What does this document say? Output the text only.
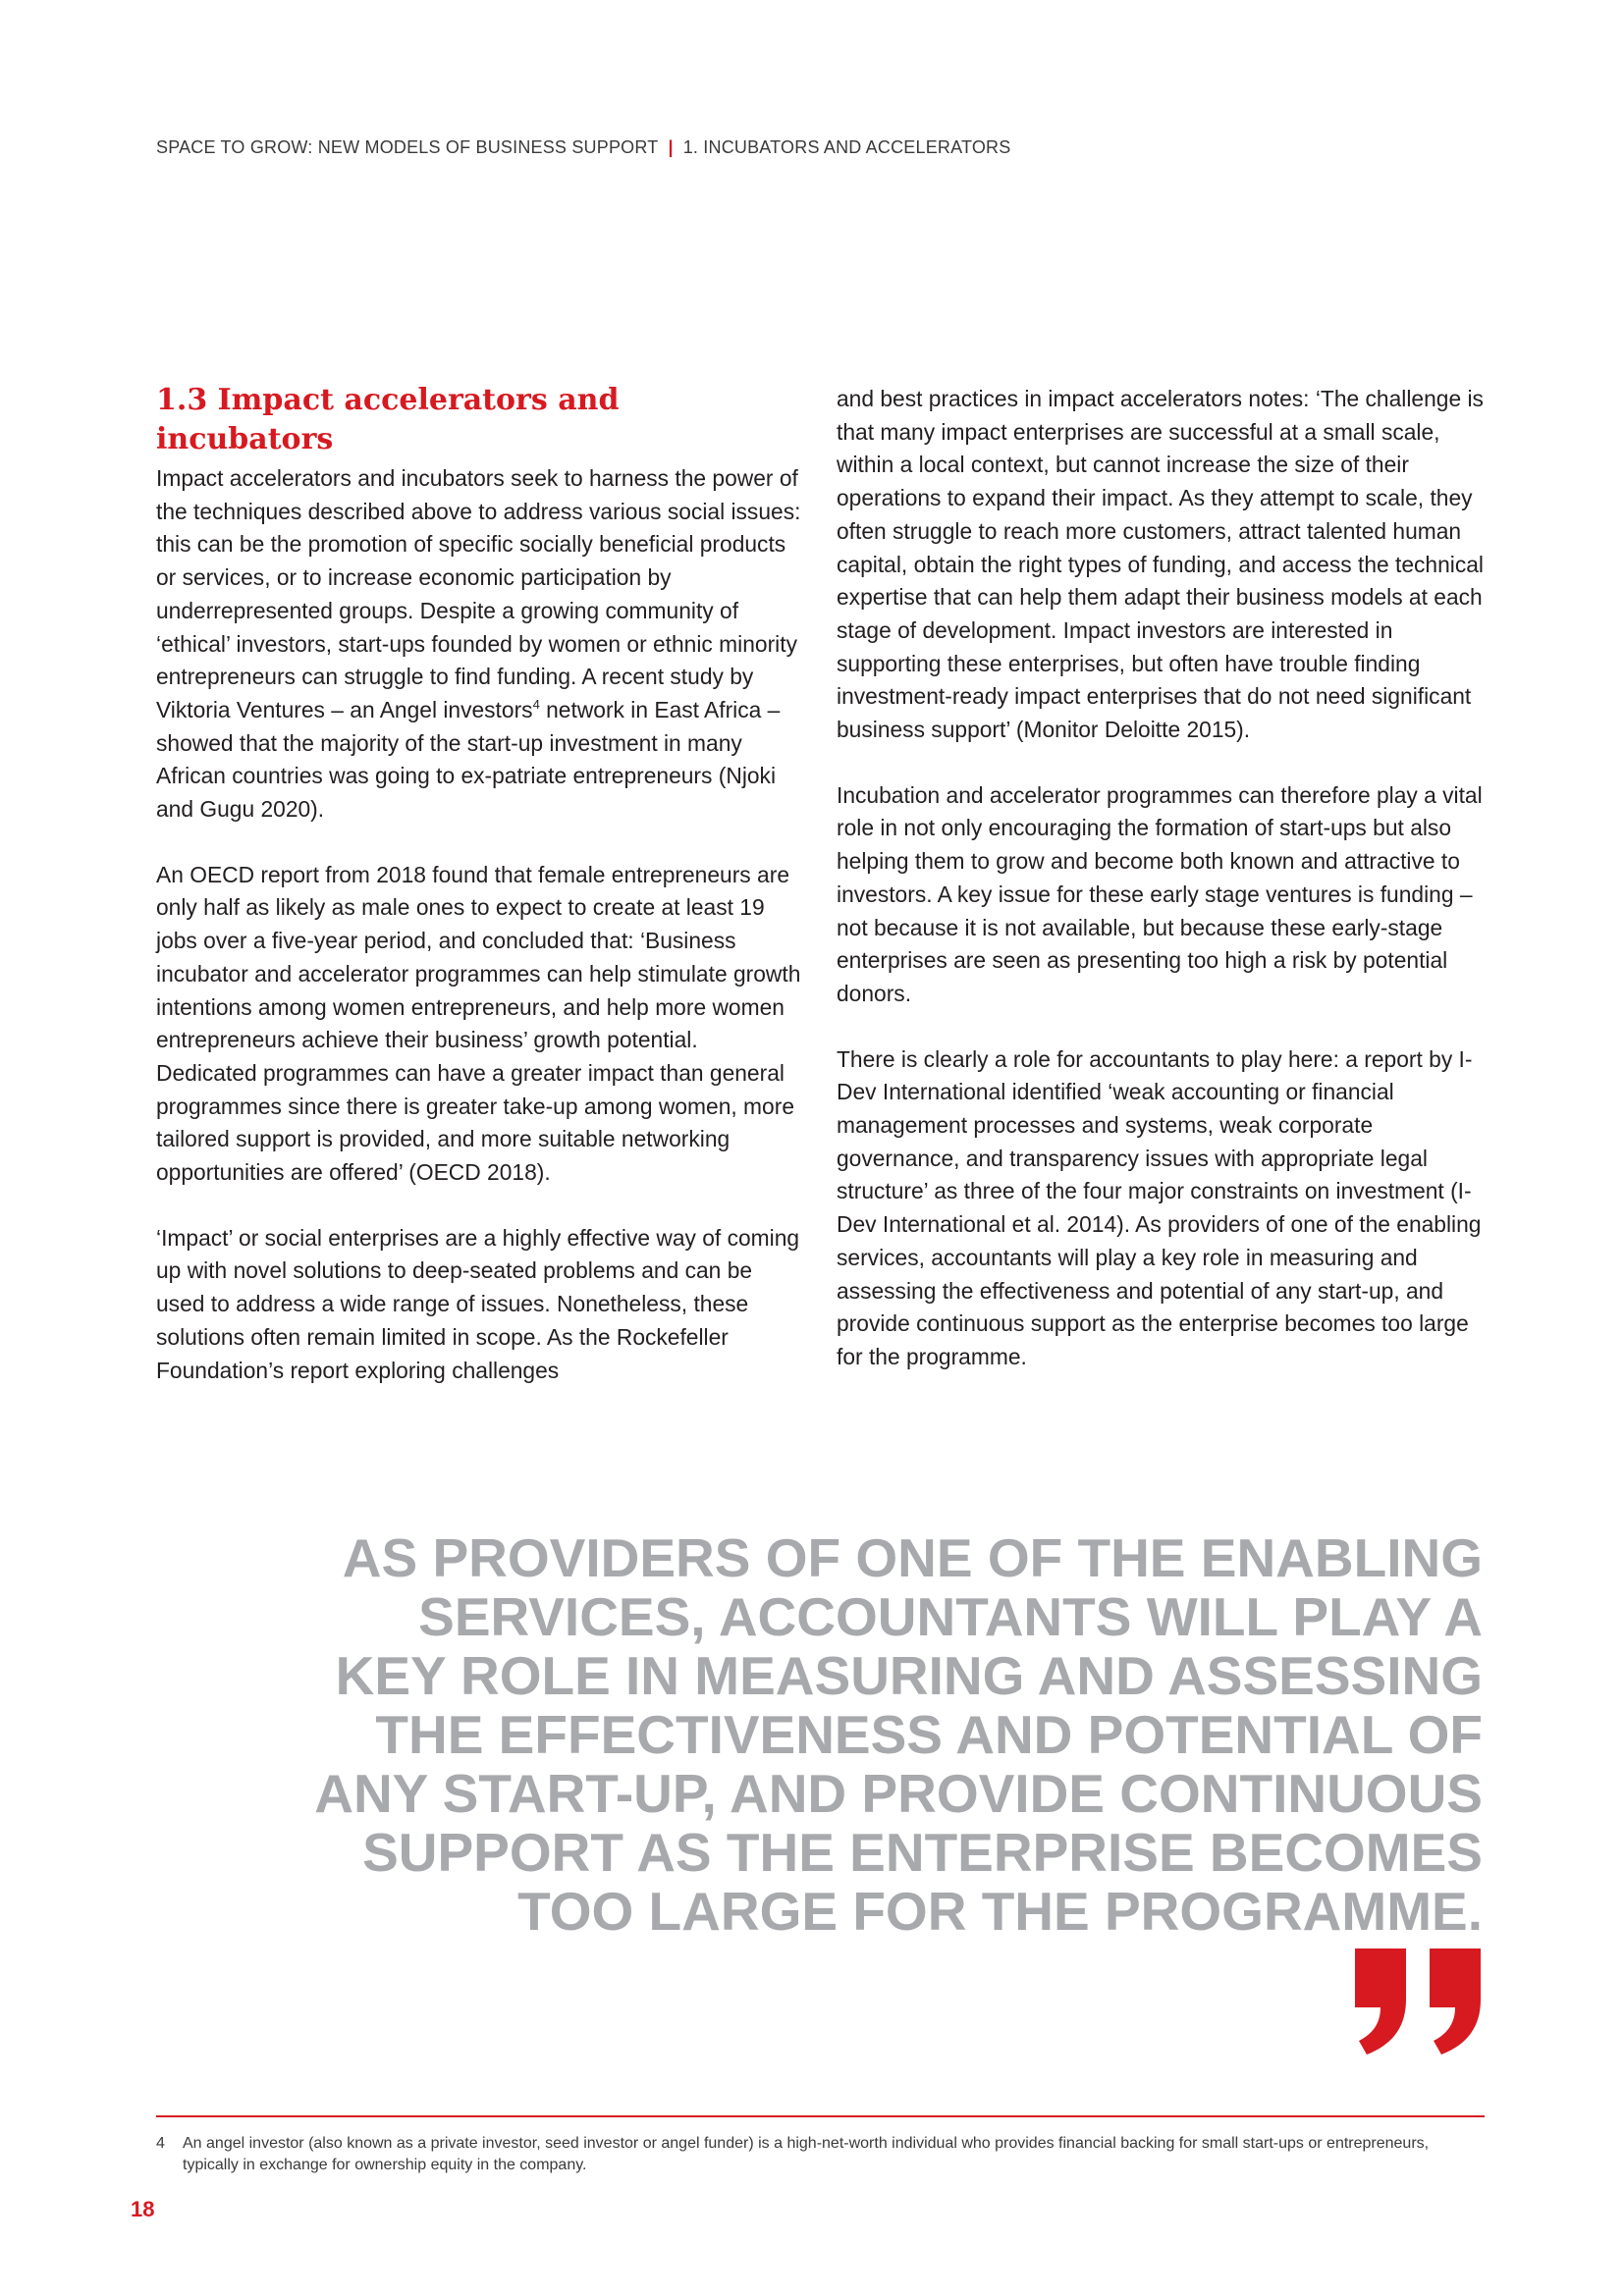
SPACE TO GROW: NEW MODELS OF BUSINESS SUPPORT | 1. INCUBATORS AND ACCELERATORS
1.3 Impact accelerators and incubators

Impact accelerators and incubators seek to harness the power of the techniques described above to address various social issues: this can be the promotion of specific socially beneficial products or services, or to increase economic participation by underrepresented groups. Despite a growing community of ‘ethical’ investors, start-ups founded by women or ethnic minority entrepreneurs can struggle to find funding. A recent study by Viktoria Ventures – an Angel investors$^4$ network in East Africa – showed that the majority of the start-up investment in many African countries was going to ex-patriate entrepreneurs (Njoki and Gugu 2020).

An OECD report from 2018 found that female entrepreneurs are only half as likely as male ones to expect to create at least 19 jobs over a five-year period, and concluded that: ‘Business incubator and accelerator programmes can help stimulate growth intentions among women entrepreneurs, and help more women entrepreneurs achieve their business’ growth potential. Dedicated programmes can have a greater impact than general programmes since there is greater take-up among women, more tailored support is provided, and more suitable networking opportunities are offered’ (OECD 2018).

‘Impact’ or social enterprises are a highly effective way of coming up with novel solutions to deep-seated problems and can be used to address a wide range of issues. Nonetheless, these solutions often remain limited in scope. As the Rockefeller Foundation’s report exploring challenges

and best practices in impact accelerators notes: ‘The challenge is that many impact enterprises are successful at a small scale, within a local context, but cannot increase the size of their operations to expand their impact. As they attempt to scale, they often struggle to reach more customers, attract talented human capital, obtain the right types of funding, and access the technical expertise that can help them adapt their business models at each stage of development. Impact investors are interested in supporting these enterprises, but often have trouble finding investment-ready impact enterprises that do not need significant business support’ (Monitor Deloitte 2015).

Incubation and accelerator programmes can therefore play a vital role in not only encouraging the formation of start-ups but also helping them to grow and become both known and attractive to investors. A key issue for these early stage ventures is funding – not because it is not available, but because these early-stage enterprises are seen as presenting too high a risk by potential donors.

There is clearly a role for accountants to play here: a report by I-Dev International identified ‘weak accounting or financial management processes and systems, weak corporate governance, and transparency issues with appropriate legal structure’ as three of the four major constraints on investment (I-Dev International et al. 2014). As providers of one of the enabling services, accountants will play a key role in measuring and assessing the effectiveness and potential of any start-up, and provide continuous support as the enterprise becomes too large for the programme.

AS PROVIDERS OF ONE OF THE ENABLING
SERVICES, ACCOUNTANTS WILL PLAY A
KEY ROLE IN MEASURING AND ASSESSING
THE EFFECTIVENESS AND POTENTIAL OF
ANY START-UP, AND PROVIDE CONTINUOUS
SUPPORT AS THE ENTERPRISE BECOMES
TOO LARGE FOR THE PROGRAMME.
4	An angel investor (also known as a private investor, seed investor or angel funder) is a high-net-worth individual who provides financial backing for small start-ups or entrepreneurs, typically in exchange for ownership equity in the company.
18
